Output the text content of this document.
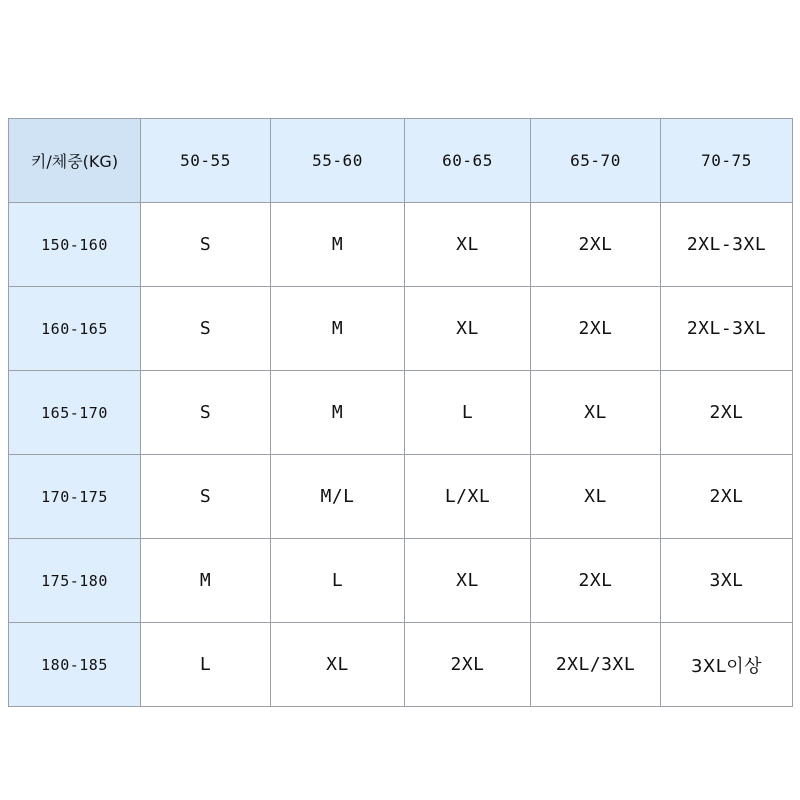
키/체중(KG)	50-55	55-60	60-65	65-70	70-75
150-160	S	M	XL	2XL	2XL-3XL
160-165	S	M	XL	2XL	2XL-3XL
165-170	S	M	L	XL	2XL
170-175	S	M/L	L/XL	XL	2XL
175-180	M	L	XL	2XL	3XL
180-185	L	XL	2XL	2XL/3XL	3XL이상
